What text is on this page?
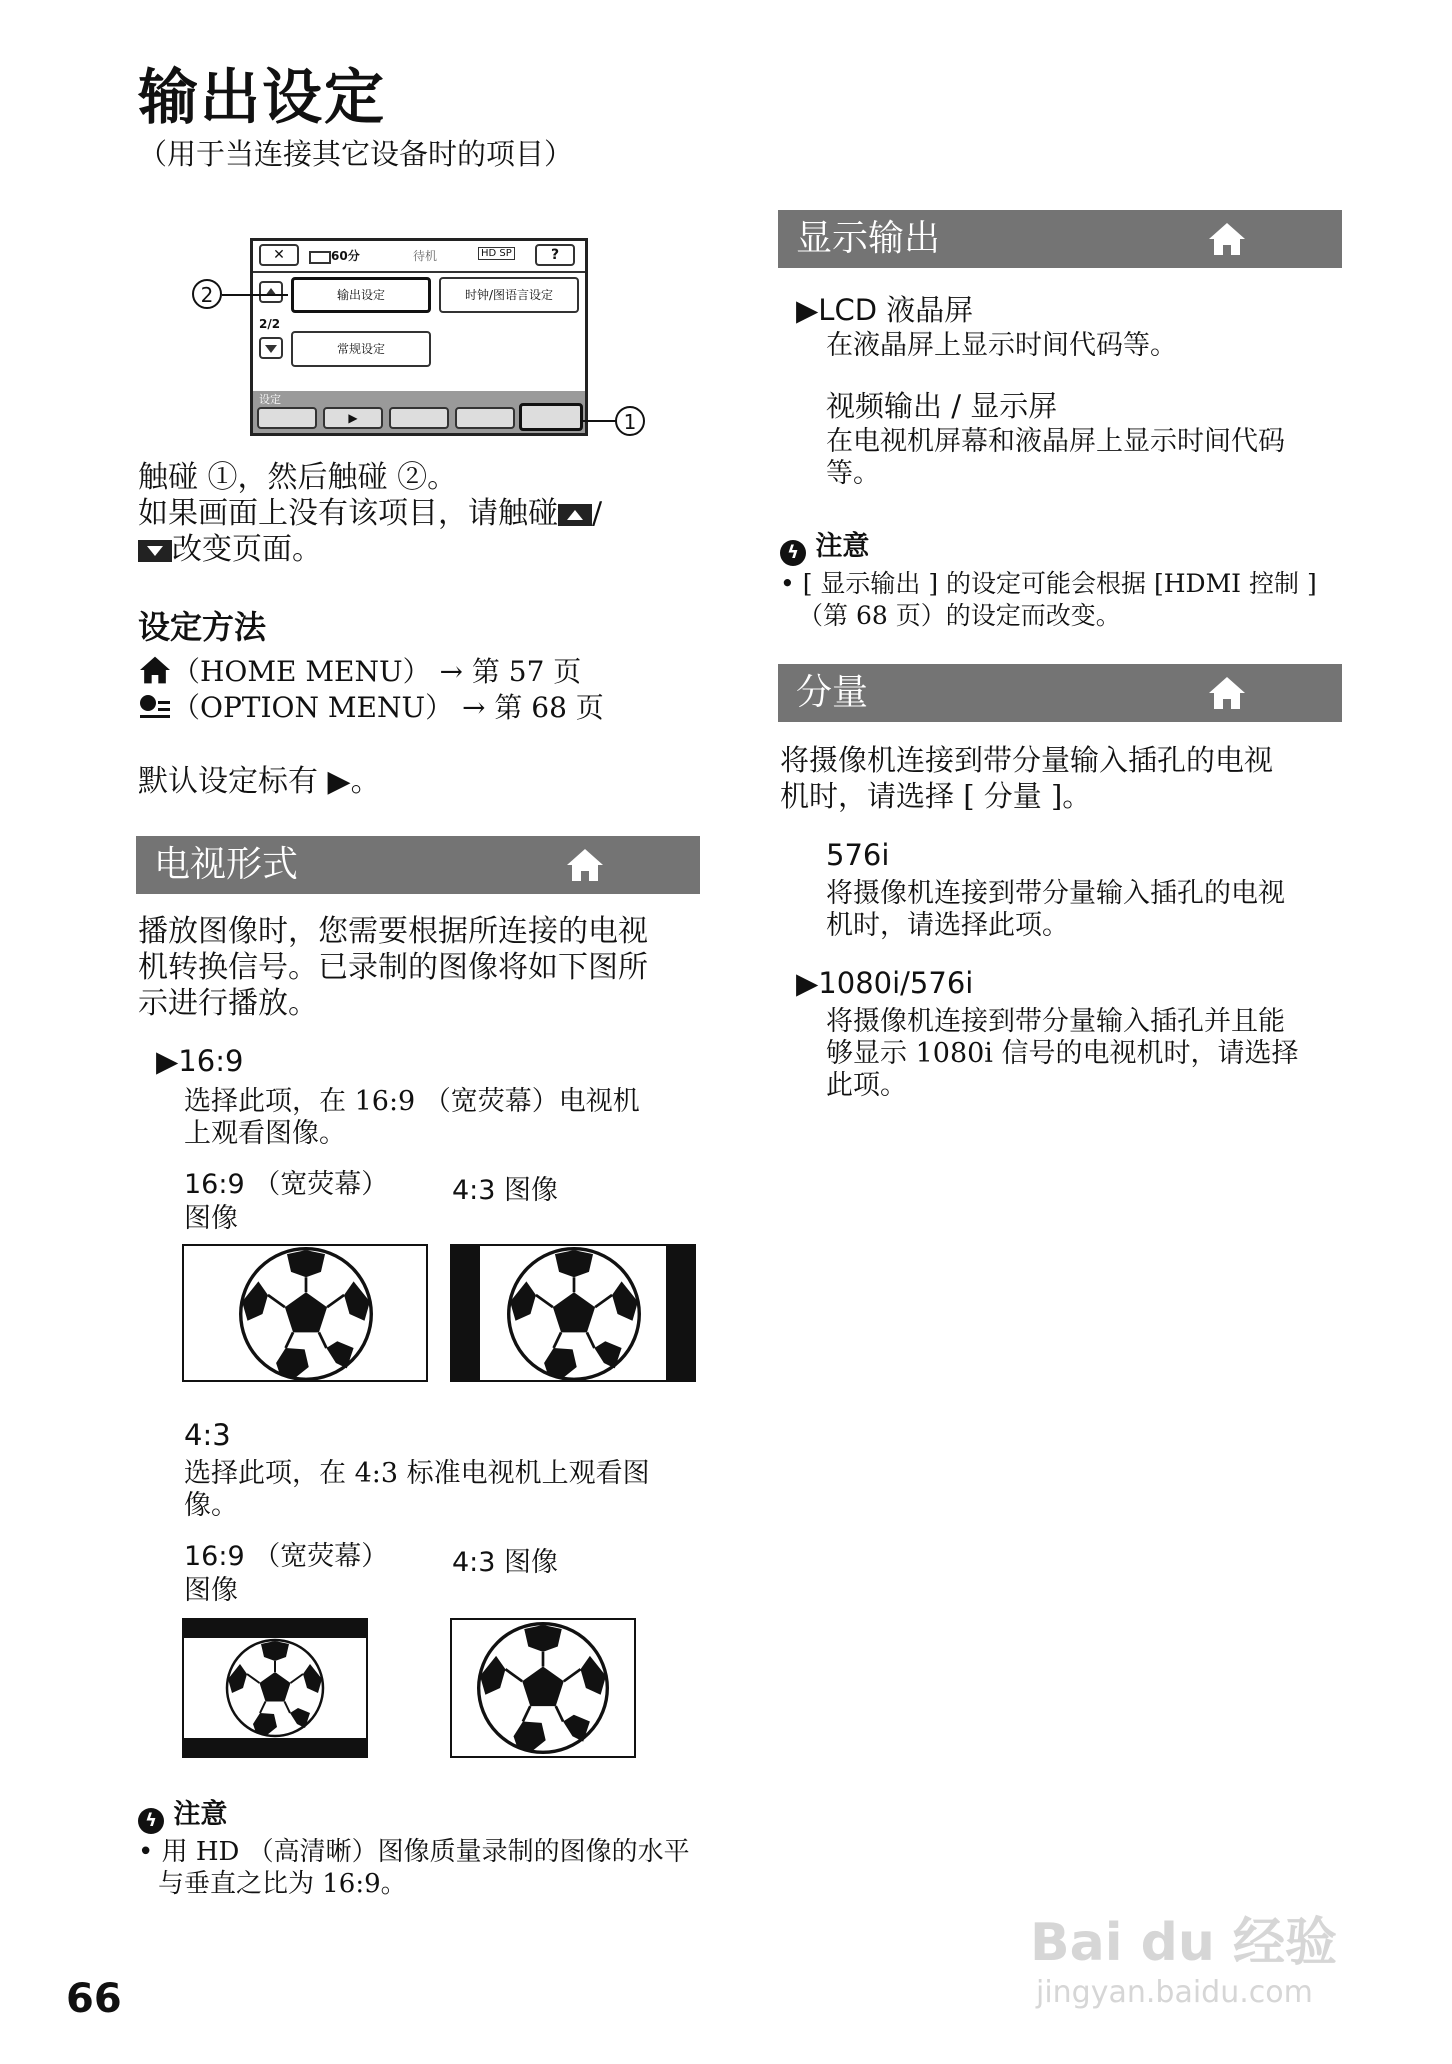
输出设定
（用于当连接其它设备时的项目）
✕	60分	待机	HD SP	?
输出设定	时钟/图语言设定
2/2
常规设定
设定
▶
2
1
触碰 ①，然后触碰 ②。
如果画面上没有该项目，请触碰 /
改变页面。
设定方法
（HOME MENU） → 第 57 页
（OPTION MENU） → 第 68 页
默认设定标有 ▶。
电视形式
播放图像时，您需要根据所连接的电视
机转换信号。已录制的图像将如下图所
示进行播放。
▶16:9
选择此项，在 16:9 （宽荧幕）电视机
上观看图像。
16:9 （宽荧幕）
图像
4:3 图像
4:3
选择此项，在 4:3 标准电视机上观看图
像。
16:9 （宽荧幕）
图像
4:3 图像
ϟ 注意
• 用 HD （高清晰）图像质量录制的图像的水平
与垂直之比为 16:9。
显示输出
▶LCD 液晶屏
在液晶屏上显示时间代码等。
视频输出 / 显示屏
在电视机屏幕和液晶屏上显示时间代码
等。
ϟ 注意
• [ 显示输出 ] 的设定可能会根据 [HDMI 控制 ]
（第 68 页）的设定而改变。
分量
将摄像机连接到带分量输入插孔的电视
机时，请选择 [ 分量 ]。
576i
将摄像机连接到带分量输入插孔的电视
机时，请选择此项。
▶1080i/576i
将摄像机连接到带分量输入插孔并且能
够显示 1080i 信号的电视机时，请选择
此项。
66
Bai du 经验
jingyan.baidu.com
